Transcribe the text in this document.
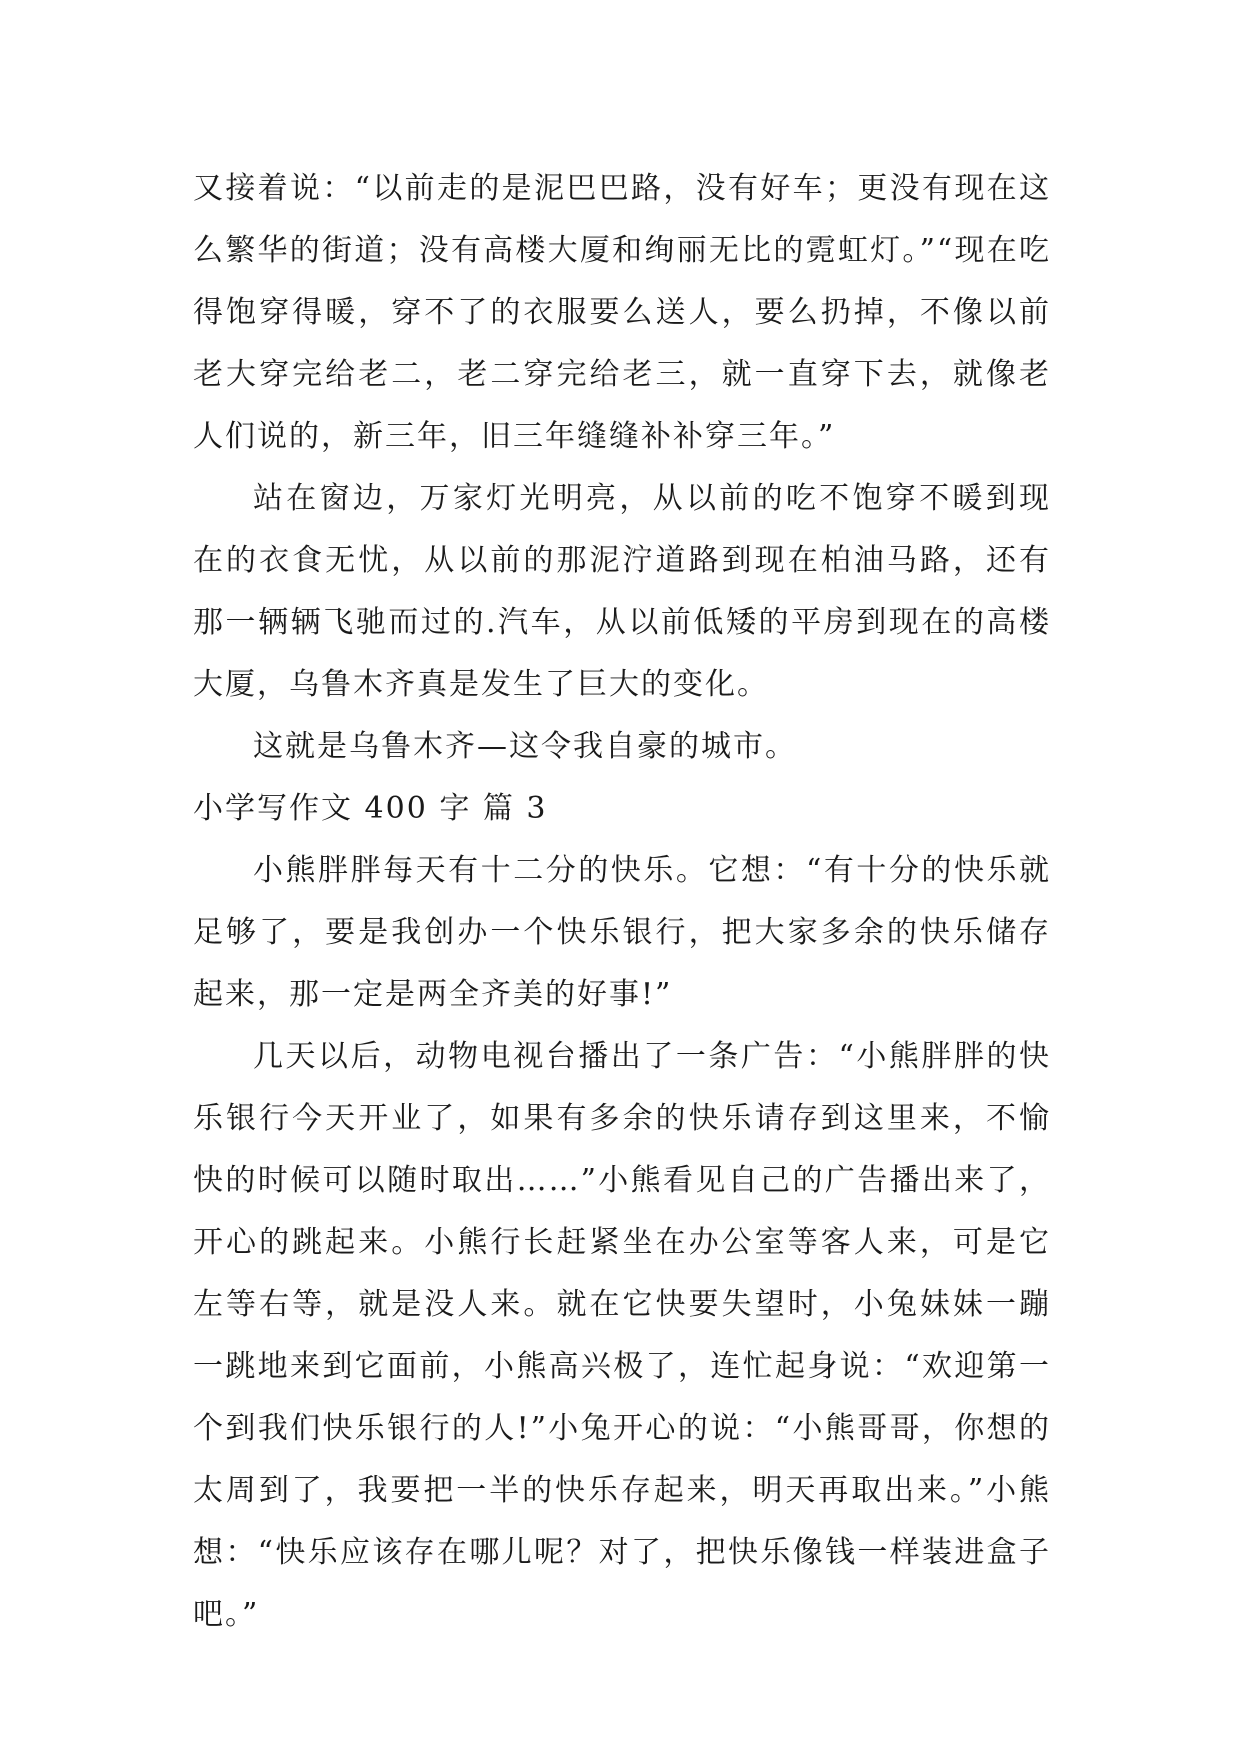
又接着说：“以前走的是泥巴巴路，没有好车；更没有现在这么繁华的街道；没有高楼大厦和绚丽无比的霓虹灯。”“现在吃得饱穿得暖，穿不了的衣服要么送人，要么扔掉，不像以前老大穿完给老二，老二穿完给老三，就一直穿下去，就像老人们说的，新三年，旧三年缝缝补补穿三年。”

站在窗边，万家灯光明亮，从以前的吃不饱穿不暖到现在的衣食无忧，从以前的那泥泞道路到现在柏油马路，还有那一辆辆飞驰而过的.汽车，从以前低矮的平房到现在的高楼大厦，乌鲁木齐真是发生了巨大的变化。

这就是乌鲁木齐—这令我自豪的城市。

小学写作文 400 字 篇 3

小熊胖胖每天有十二分的快乐。它想：“有十分的快乐就足够了，要是我创办一个快乐银行，把大家多余的快乐储存起来，那一定是两全齐美的好事!”

几天以后，动物电视台播出了一条广告：“小熊胖胖的快乐银行今天开业了，如果有多余的快乐请存到这里来，不愉快的时候可以随时取出……”小熊看见自己的广告播出来了，开心的跳起来。小熊行长赶紧坐在办公室等客人来，可是它左等右等，就是没人来。就在它快要失望时，小兔妹妹一蹦一跳地来到它面前，小熊高兴极了，连忙起身说：“欢迎第一个到我们快乐银行的人!”小兔开心的说：“小熊哥哥，你想的太周到了，我要把一半的快乐存起来，明天再取出来。”小熊想：“快乐应该存在哪儿呢？对了，把快乐像钱一样装进盒子吧。”
